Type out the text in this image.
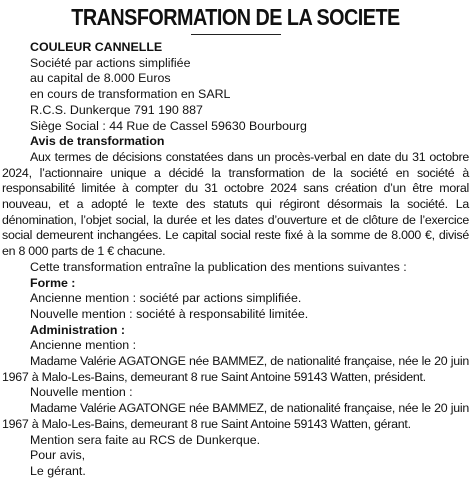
TRANSFORMATION DE LA SOCIETE
COULEUR CANNELLE
Société par actions simplifiée
au capital de 8.000 Euros
en cours de transformation en SARL
R.C.S. Dunkerque 791 190 887
Siège Social : 44 Rue de Cassel 59630 Bourbourg
Avis de transformation

Aux termes de décisions constatées dans un procès-verbal en date du 31 octobre 2024, l’actionnaire unique a décidé la transformation de la société en société à responsabilité limitée à compter du 31 octobre 2024 sans création d’un être moral nouveau, et a adopté le texte des statuts qui régiront désormais la société. La dénomination, l’objet social, la durée et les dates d’ouverture et de clôture de l’exercice social demeurent inchangées. Le capital social reste fixé à la somme de 8.000 €, divisé en 8 000 parts de 1 € chacune.

Cette transformation entraîne la publication des mentions suivantes :
Forme :
Ancienne mention : société par actions simplifiée.
Nouvelle mention : société à responsabilité limitée.
Administration :
Ancienne mention :

Madame Valérie AGATONGE née BAMMEZ, de nationalité française, née le 20 juin 1967 à Malo-Les-Bains, demeurant 8 rue Saint Antoine 59143 Watten, président.

Nouvelle mention :

Madame Valérie AGATONGE née BAMMEZ, de nationalité française, née le 20 juin 1967 à Malo-Les-Bains, demeurant 8 rue Saint Antoine 59143 Watten, gérant.

Mention sera faite au RCS de Dunkerque.
Pour avis,
Le gérant.
